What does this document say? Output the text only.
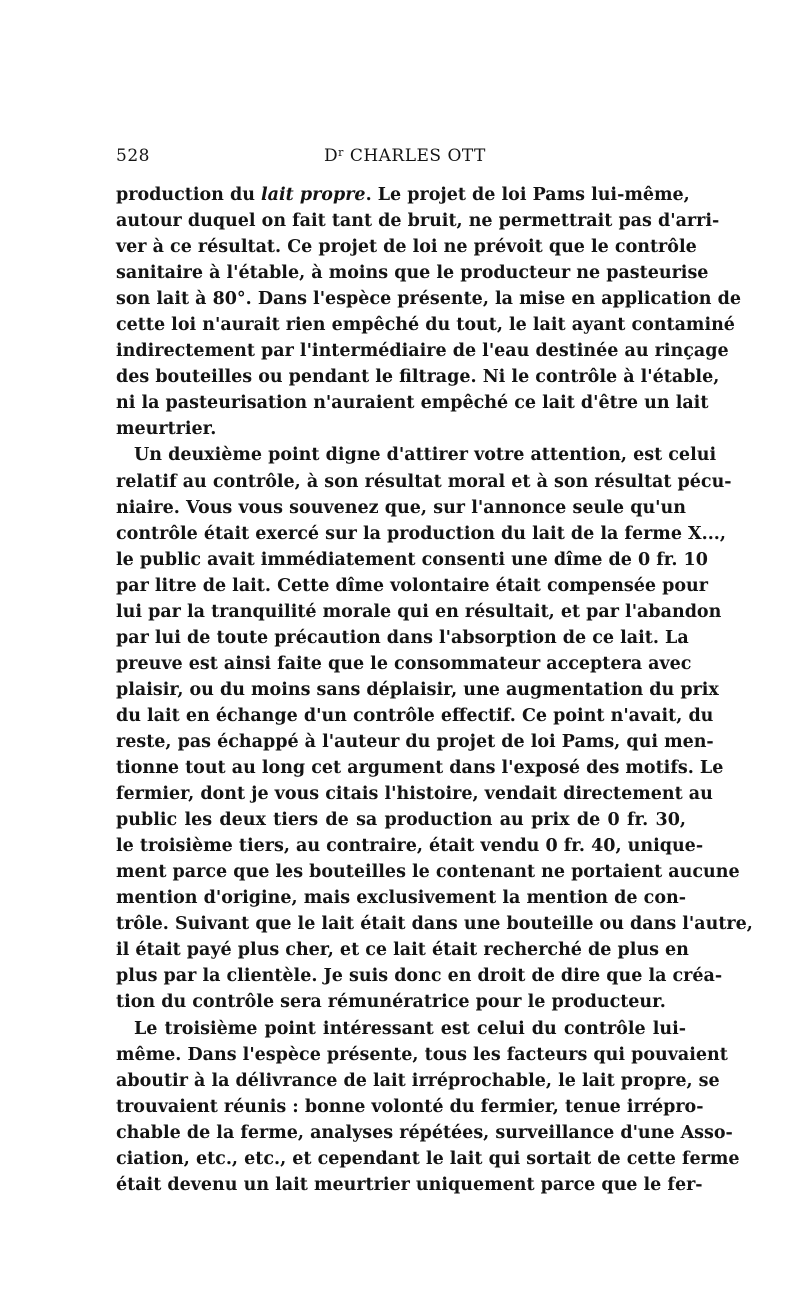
528	$D^r$ CHARLES OTT
production du lait propre. Le projet de loi Pams lui-même,
autour duquel on fait tant de bruit, ne permettrait pas d'arri-
ver à ce résultat. Ce projet de loi ne prévoit que le contrôle
sanitaire à l'étable, à moins que le producteur ne pasteurise
son lait à 80°. Dans l'espèce présente, la mise en application de
cette loi n'aurait rien empêché du tout, le lait ayant contaminé
indirectement par l'intermédiaire de l'eau destinée au rinçage
des bouteilles ou pendant le filtrage. Ni le contrôle à l'étable,
ni la pasteurisation n'auraient empêché ce lait d'être un lait
meurtrier.
Un deuxième point digne d'attirer votre attention, est celui
relatif au contrôle, à son résultat moral et à son résultat pécu-
niaire. Vous vous souvenez que, sur l'annonce seule qu'un
contrôle était exercé sur la production du lait de la ferme X...,
le public avait immédiatement consenti une dîme de 0 fr. 10
par litre de lait. Cette dîme volontaire était compensée pour
lui par la tranquilité morale qui en résultait, et par l'abandon
par lui de toute précaution dans l'absorption de ce lait. La
preuve est ainsi faite que le consommateur acceptera avec
plaisir, ou du moins sans déplaisir, une augmentation du prix
du lait en échange d'un contrôle effectif. Ce point n'avait, du
reste, pas échappé à l'auteur du projet de loi Pams, qui men-
tionne tout au long cet argument dans l'exposé des motifs. Le
fermier, dont je vous citais l'histoire, vendait directement au
public les deux tiers de sa production au prix de 0 fr. 30,
le troisième tiers, au contraire, était vendu 0 fr. 40, unique-
ment parce que les bouteilles le contenant ne portaient aucune
mention d'origine, mais exclusivement la mention de con-
trôle. Suivant que le lait était dans une bouteille ou dans l'autre,
il était payé plus cher, et ce lait était recherché de plus en
plus par la clientèle. Je suis donc en droit de dire que la créa-
tion du contrôle sera rémunératrice pour le producteur.
Le troisième point intéressant est celui du contrôle lui-
même. Dans l'espèce présente, tous les facteurs qui pouvaient
aboutir à la délivrance de lait irréprochable, le lait propre, se
trouvaient réunis : bonne volonté du fermier, tenue irrépro-
chable de la ferme, analyses répétées, surveillance d'une Asso-
ciation, etc., etc., et cependant le lait qui sortait de cette ferme
était devenu un lait meurtrier uniquement parce que le fer-
